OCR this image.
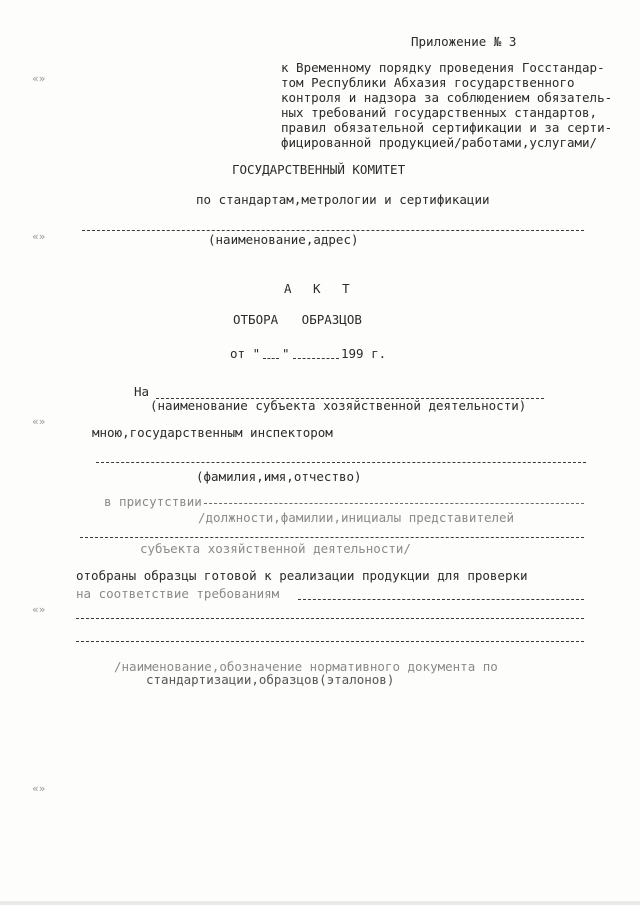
Приложение № 3
к Временному порядку проведения Госстандар-
том Республики Абхазия государственного
контроля и надзора за соблюдением обязатель-
ных требований государственных стандартов,
правил обязательной сертификации и за серти-
фицированной продукцией/работами,услугами/
ГОСУДАРСТВЕННЫЙ КОМИТЕТ
по стандартам,метрологии и сертификации
(наименование,адрес)
А К Т
ОТБОРА ОБРАЗЦОВ
от " "	199 г.
На
(наименование субъекта хозяйственной деятельности)
мною,государственным инспектором
(фамилия,имя,отчество)
в присутствии
/должности,фамилии,инициалы представителей
субъекта хозяйственной деятельности/
отобраны образцы готовой к реализации продукции для проверки
на соответствие требованиям
/наименование,обозначение нормативного документа по
стандартизации,образцов(эталонов)
«»
«»
«»
«»
«»
